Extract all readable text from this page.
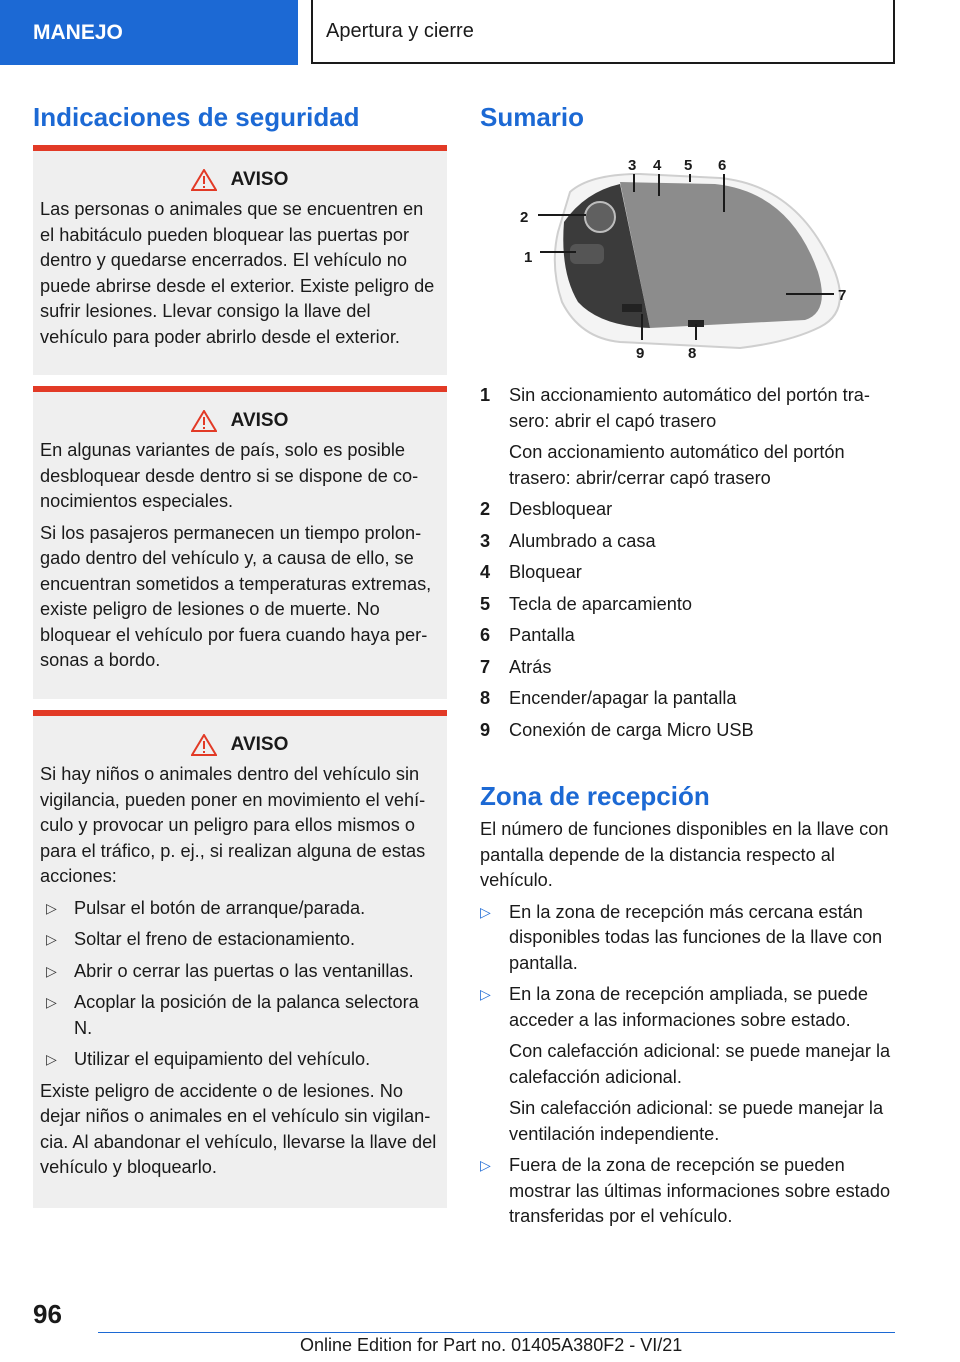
MANEJO	Apertura y cierre
Indicaciones de seguridad
AVISO

Las personas o animales que se encuentren en el habitáculo pueden bloquear las puertas por dentro y quedarse encerrados. El vehículo no puede abrirse desde el exterior. Existe peligro de sufrir lesiones. Llevar consigo la llave del vehículo para poder abrirlo desde el exterior.

AVISO

En algunas variantes de país, solo es posible desbloquear desde dentro si se dispone de conocimientos especiales.

Si los pasajeros permanecen un tiempo prolongado dentro del vehículo y, a causa de ello, se encuentran sometidos a temperaturas extremas, existe peligro de lesiones o de muerte. No bloquear el vehículo por fuera cuando haya personas a bordo.

AVISO

Si hay niños o animales dentro del vehículo sin vigilancia, pueden poner en movimiento el vehículo y provocar un peligro para ellos mismos o para el tráfico, p. ej., si realizan alguna de estas acciones:

▷ Pulsar el botón de arranque/parada.
▷ Soltar el freno de estacionamiento.
▷ Abrir o cerrar las puertas o las ventanillas.
▷ Acoplar la posición de la palanca selectora N.
▷ Utilizar el equipamiento del vehículo.

Existe peligro de accidente o de lesiones. No dejar niños o animales en el vehículo sin vigilancia. Al abandonar el vehículo, llevarse la llave del vehículo y bloquearlo.

Sumario
1
2
3 4 5 6
7
8
9
1	Sin accionamiento automático del portón trasero: abrir el capó trasero
Con accionamiento automático del portón trasero: abrir/cerrar capó trasero
2	Desbloquear
3	Alumbrado a casa
4	Bloquear
5	Tecla de aparcamiento
6	Pantalla
7	Atrás
8	Encender/apagar la pantalla
9	Conexión de carga Micro USB
Zona de recepción

El número de funciones disponibles en la llave con pantalla depende de la distancia respecto al vehículo.

▷	En la zona de recepción más cercana están disponibles todas las funciones de la llave con pantalla.
▷	En la zona de recepción ampliada, se puede acceder a las informaciones sobre estado.
Con calefacción adicional: se puede manejar la calefacción adicional.
Sin calefacción adicional: se puede manejar la ventilación independiente.
▷	Fuera de la zona de recepción se pueden mostrar las últimas informaciones sobre estado transferidas por el vehículo.
96
Online Edition for Part no. 01405A380F2 - VI/21
